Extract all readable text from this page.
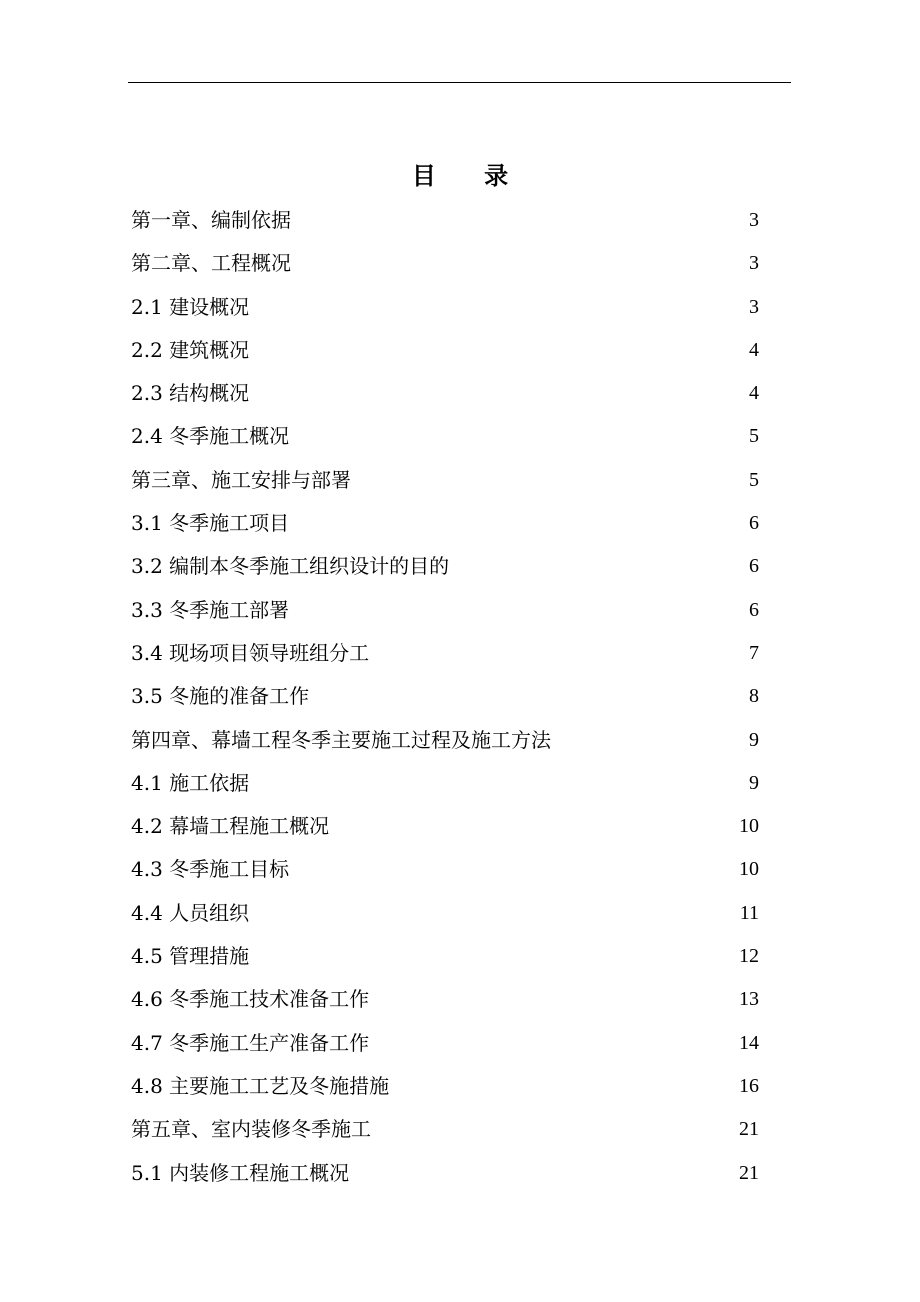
目 录
第一章、编制依据	3
第二章、工程概况	3
2.1 建设概况	3
2.2 建筑概况	4
2.3 结构概况	4
2.4 冬季施工概况	5
第三章、施工安排与部署	5
3.1 冬季施工项目	6
3.2 编制本冬季施工组织设计的目的	6
3.3 冬季施工部署	6
3.4 现场项目领导班组分工	7
3.5 冬施的准备工作	8
第四章、幕墙工程冬季主要施工过程及施工方法	9
4.1 施工依据	9
4.2 幕墙工程施工概况	10
4.3 冬季施工目标	10
4.4 人员组织	11
4.5 管理措施	12
4.6 冬季施工技术准备工作	13
4.7 冬季施工生产准备工作	14
4.8 主要施工工艺及冬施措施	16
第五章、室内装修冬季施工	21
5.1 内装修工程施工概况	21
